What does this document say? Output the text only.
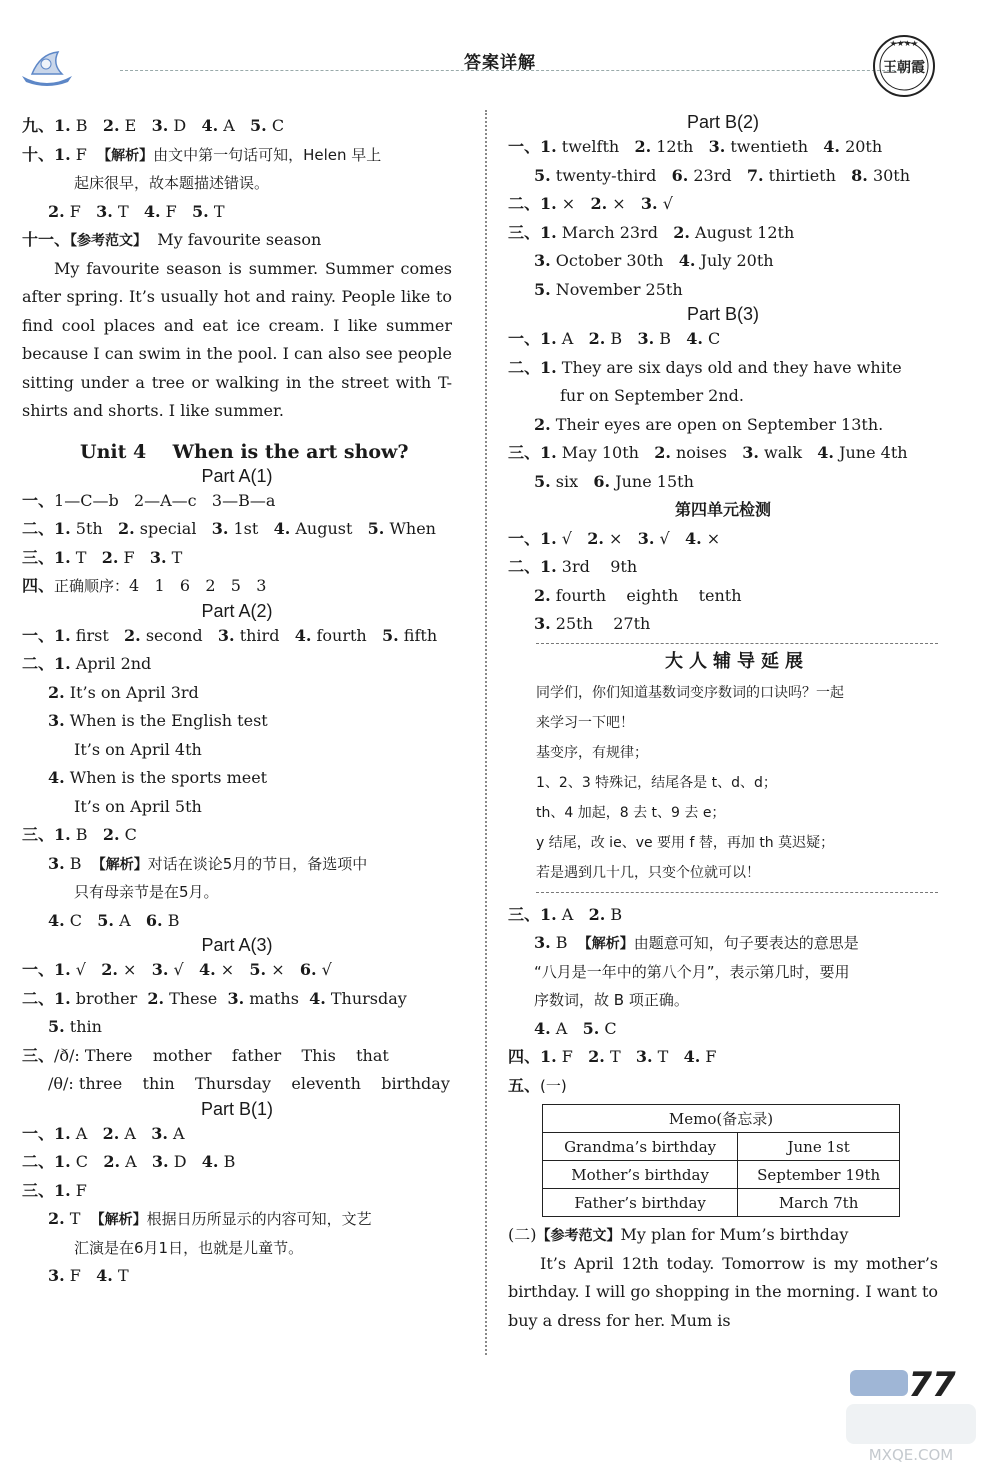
答案详解	王朝霞
★★★★
九、1. B   2. E   3. D   4. A   5. C
十、1. F  【解析】由文中第一句话可知，Helen 早上
起床很早，故本题描述错误。
2. F   3. T   4. F   5. T
十一、【参考范文】  My favourite season
My favourite season is summer. Summer comes after spring. It’s usually hot and rainy. People like to find cool places and eat ice cream. I like summer because I can swim in the pool. I can also see people sitting under a tree or walking in the street with T-shirts and shorts. I like summer.
Unit 4    When is the art show?
Part A(1)
一、1—C—b   2—A—c   3—B—a
二、1. 5th   2. special   3. 1st   4. August   5. When
三、1. T   2. F   3. T
四、正确顺序：4   1   6   2   5   3
Part A(2)
一、1. first   2. second   3. third   4. fourth   5. fifth
二、1. April 2nd
2. It’s on April 3rd
3. When is the English test
It’s on April 4th
4. When is the sports meet
It’s on April 5th
三、1. B   2. C
3. B  【解析】对话在谈论5月的节日，备选项中
只有母亲节是在5月。
4. C   5. A   6. B
Part A(3)
一、1. √   2. ×   3. √   4. ×   5. ×   6. √
二、1. brother  2. These  3. maths  4. Thursday
5. thin
三、/ð/: There    mother    father    This    that
/θ/: three    thin    Thursday    eleventh    birthday
Part B(1)
一、1. A   2. A   3. A
二、1. C   2. A   3. D   4. B
三、1. F
2. T  【解析】根据日历所显示的内容可知，文艺
汇演是在6月1日，也就是儿童节。
3. F   4. T
Part B(2)
一、1. twelfth   2. 12th   3. twentieth   4. 20th
5. twenty-third   6. 23rd   7. thirtieth   8. 30th
二、1. ×   2. ×   3. √
三、1. March 23rd   2. August 12th
3. October 30th   4. July 20th
5. November 25th
Part B(3)
一、1. A   2. B   3. B   4. C
二、1. They are six days old and they have white
fur on September 2nd.
2. Their eyes are open on September 13th.
三、1. May 10th   2. noises   3. walk   4. June 4th
5. six   6. June 15th
第四单元检测
一、1. √   2. ×   3. √   4. ×
二、1. 3rd    9th
2. fourth    eighth    tenth
3. 25th    27th
大人辅导延展
同学们，你们知道基数词变序数词的口诀吗？一起
来学习一下吧！
基变序，有规律；
1、2、3 特殊记，结尾各是 t、d、d；
th、4 加起，8 去 t、9 去 e；
y 结尾，改 ie、ve 要用 f 替，再加 th 莫迟疑；
若是遇到几十几，只变个位就可以！
三、1. A   2. B
3. B  【解析】由题意可知，句子要表达的意思是
“八月是一年中的第八个月”，表示第几时，要用
序数词，故 B 项正确。
4. A   5. C
四、1. F   2. T   3. T   4. F
五、(一)
Memo(备忘录)	
Grandma’s birthday	June 1st
Mother’s birthday	September 19th
Father’s birthday	March 7th
(二)【参考范文】My plan for Mum’s birthday
It’s April 12th today. Tomorrow is my mother’s birthday. I will go shopping in the morning. I want to buy a dress for her. Mum is
77
MXQE.COM
